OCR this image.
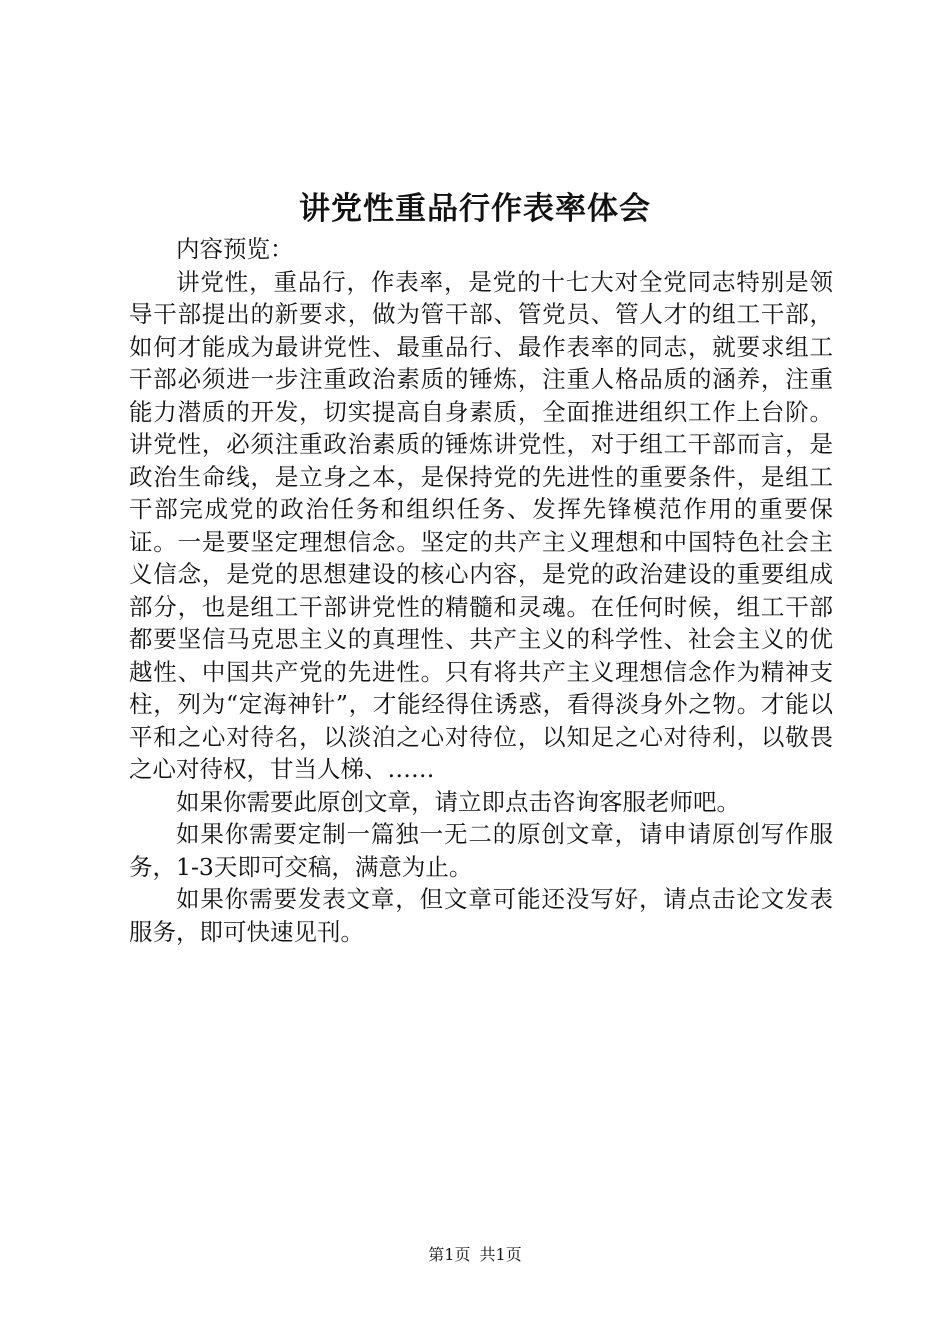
讲党性重品行作表率体会

内容预览：

讲党性，重品行，作表率，是党的十七大对全党同志特别是领导干部提出的新要求，做为管干部、管党员、管人才的组工干部，如何才能成为最讲党性、最重品行、最作表率的同志，就要求组工干部必须进一步注重政治素质的锤炼，注重人格品质的涵养，注重能力潜质的开发，切实提高自身素质，全面推进组织工作上台阶。讲党性，必须注重政治素质的锤炼讲党性，对于组工干部而言，是政治生命线，是立身之本，是保持党的先进性的重要条件，是组工干部完成党的政治任务和组织任务、发挥先锋模范作用的重要保证。一是要坚定理想信念。坚定的共产主义理想和中国特色社会主义信念，是党的思想建设的核心内容，是党的政治建设的重要组成部分，也是组工干部讲党性的精髓和灵魂。在任何时候，组工干部都要坚信马克思主义的真理性、共产主义的科学性、社会主义的优越性、中国共产党的先进性。只有将共产主义理想信念作为精神支柱，列为“定海神针”，才能经得住诱惑，看得淡身外之物。才能以平和之心对待名，以淡泊之心对待位，以知足之心对待利，以敬畏之心对待权，甘当人梯、……

如果你需要此原创文章，请立即点击咨询客服老师吧。

如果你需要定制一篇独一无二的原创文章，请申请原创写作服务，1-3天即可交稿，满意为止。

如果你需要发表文章，但文章可能还没写好，请点击论文发表服务，即可快速见刊。

第1页 共1页
